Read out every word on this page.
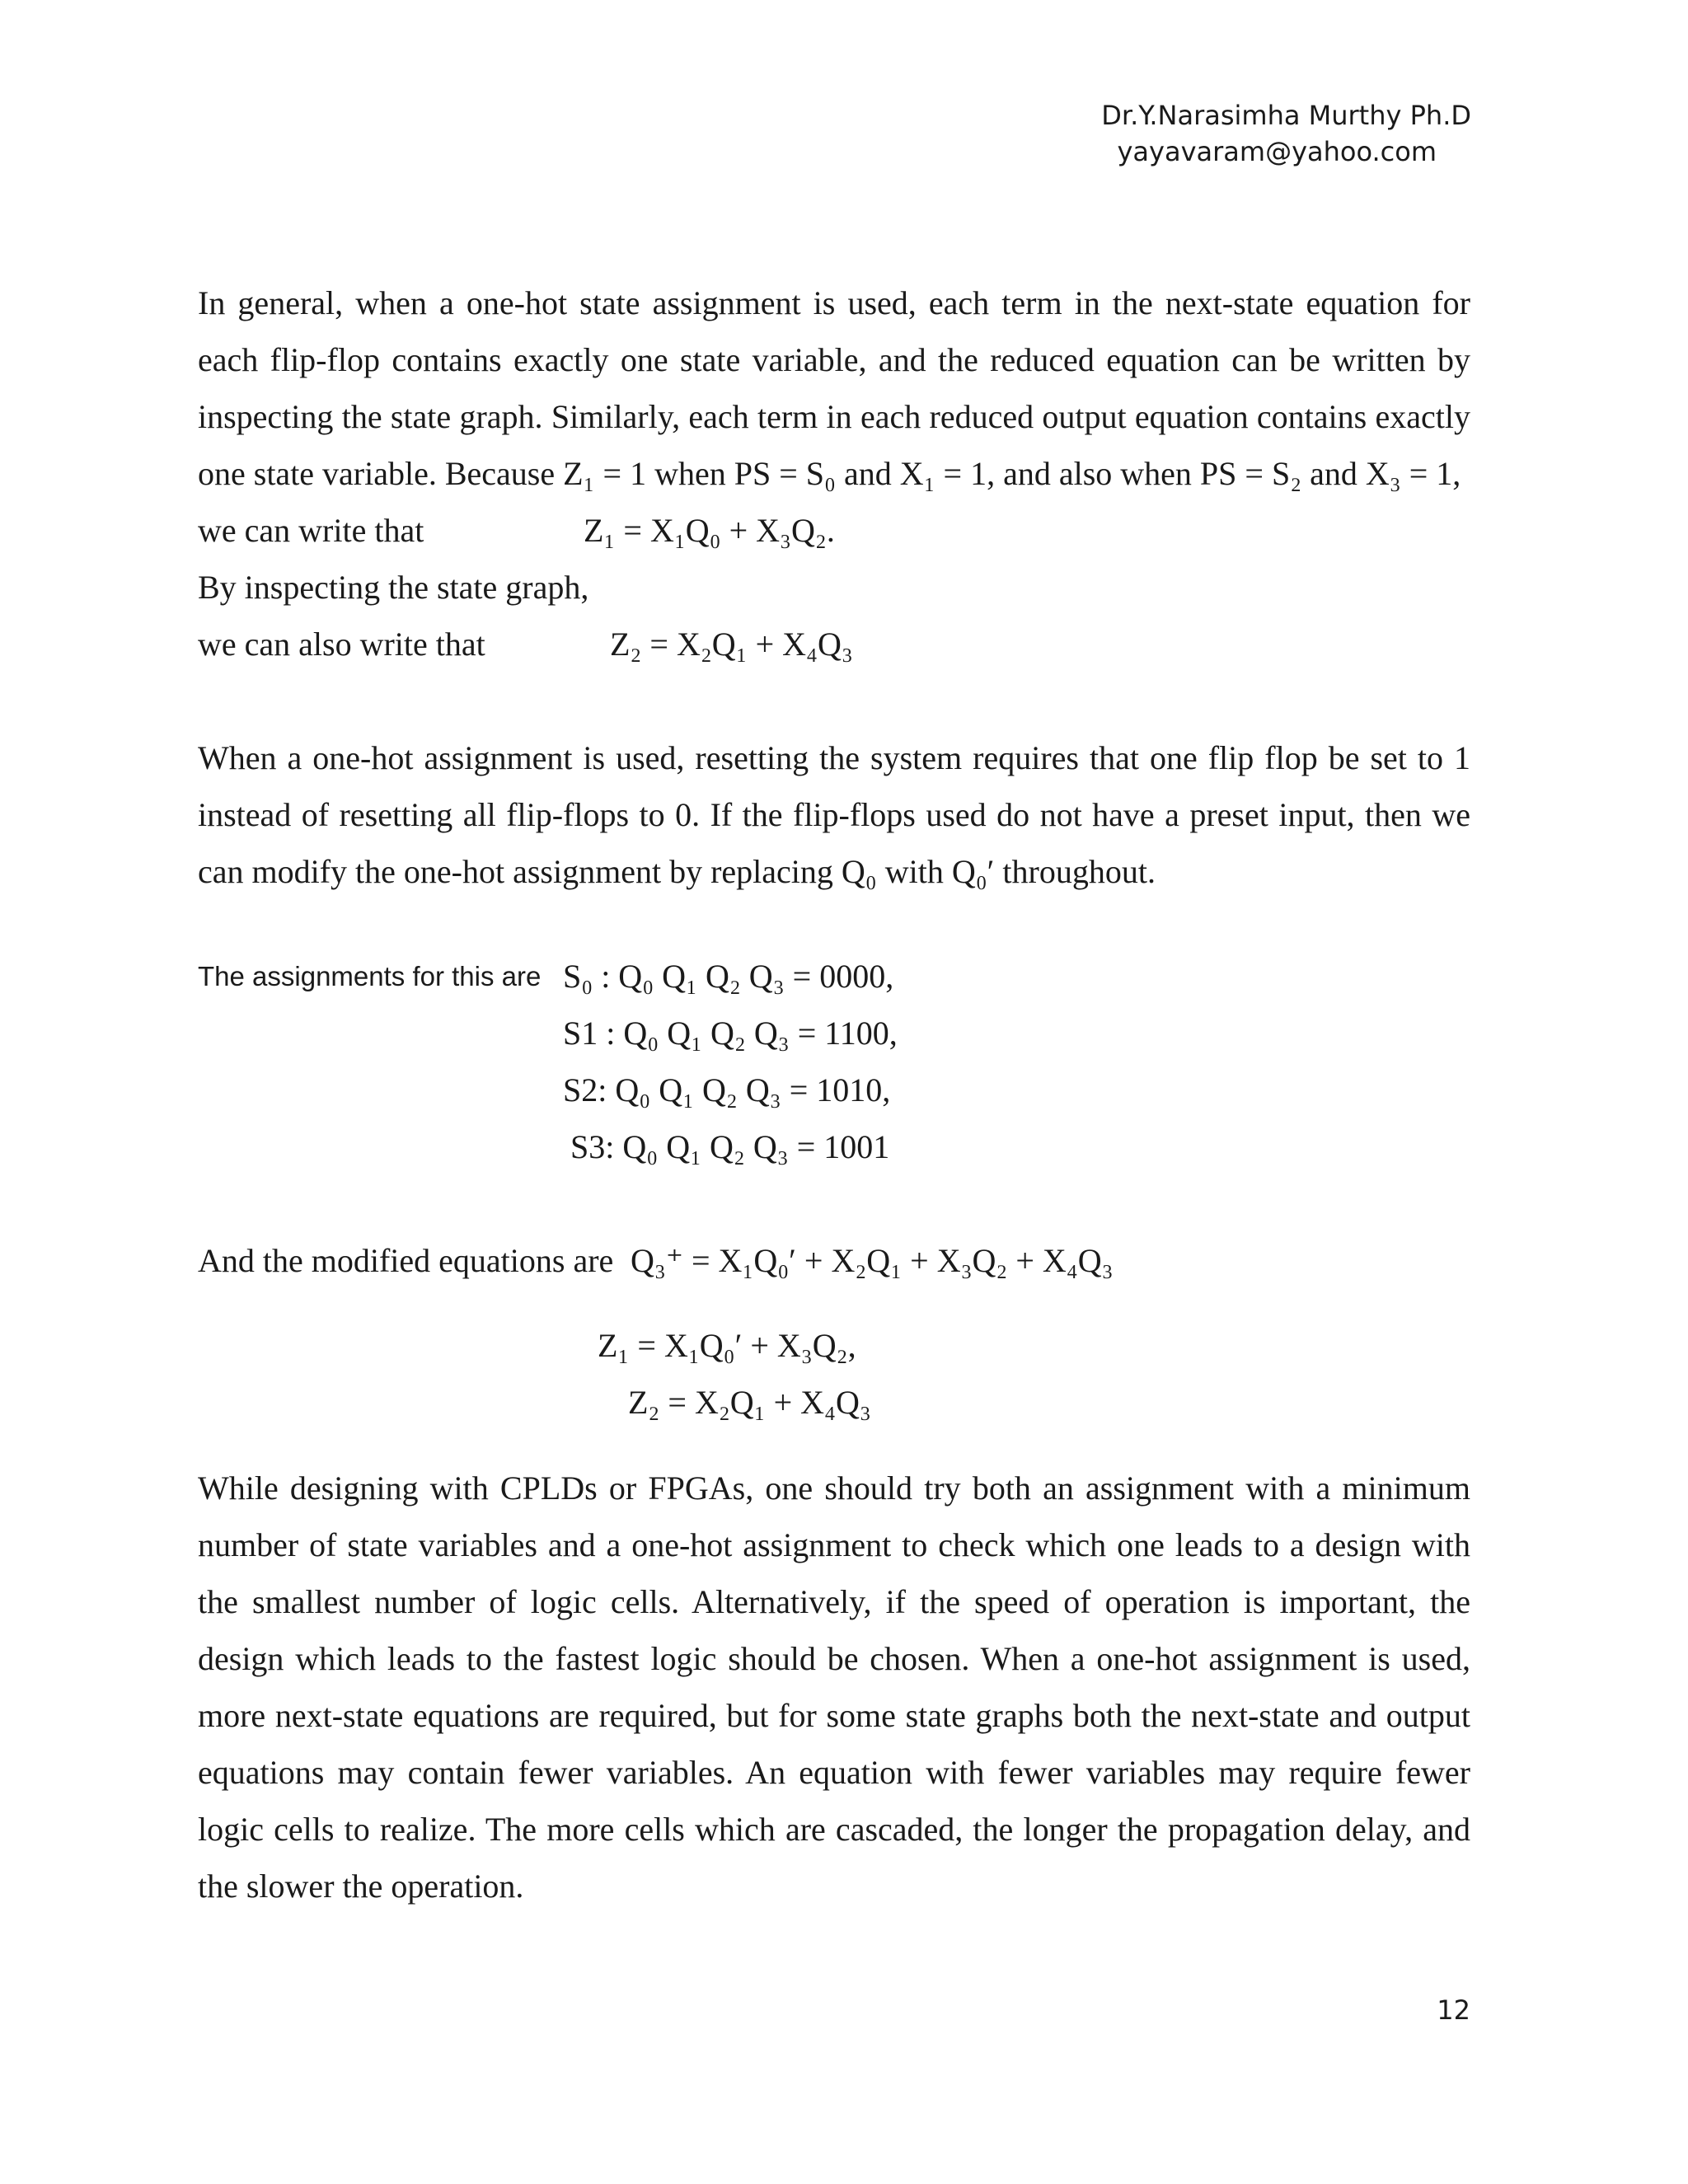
Dr.Y.Narasimha Murthy Ph.D
yayavaram@yahoo.com

In general, when a one-hot state assignment is used, each term in the next-state equation for each flip-flop contains exactly one state variable, and the reduced equation can be written by inspecting the state graph. Similarly, each term in each reduced output equation contains exactly one state variable. Because Z₁ = 1 when PS = S₀ and X₁ = 1, and also when PS = S₂ and X₃ = 1,

we can write that	Z₁ = X₁Q₀ + X₃Q₂.
By inspecting the state graph,
we can also write that	Z₂ = X₂Q₁ + X₄Q₃

When a one-hot assignment is used, resetting the system requires that one flip flop be set to 1 instead of resetting all flip-flops to 0. If the flip-flops used do not have a preset input, then we can modify the one-hot assignment by replacing Q₀ with Q₀′ throughout.

The assignments for this are S₀ : Q₀ Q₁ Q₂ Q₃ = 0000,
S1 : Q₀ Q₁ Q₂ Q₃ = 1100,
S2: Q₀ Q₁ Q₂ Q₃ = 1010,
S3: Q₀ Q₁ Q₂ Q₃ = 1001
And the modified equations are Q₃⁺ = X₁Q₀′ + X₂Q₁ + X₃Q₂ + X₄Q₃
Z₁ = X₁Q₀′ + X₃Q₂,
Z₂ = X₂Q₁ + X₄Q₃

While designing with CPLDs or FPGAs, one should try both an assignment with a minimum number of state variables and a one-hot assignment to check which one leads to a design with the smallest number of logic cells. Alternatively, if the speed of operation is important, the design which leads to the fastest logic should be chosen. When a one-hot assignment is used, more next-state equations are required, but for some state graphs both the next-state and output equations may contain fewer variables. An equation with fewer variables may require fewer logic cells to realize. The more cells which are cascaded, the longer the propagation delay, and the slower the operation.

12
